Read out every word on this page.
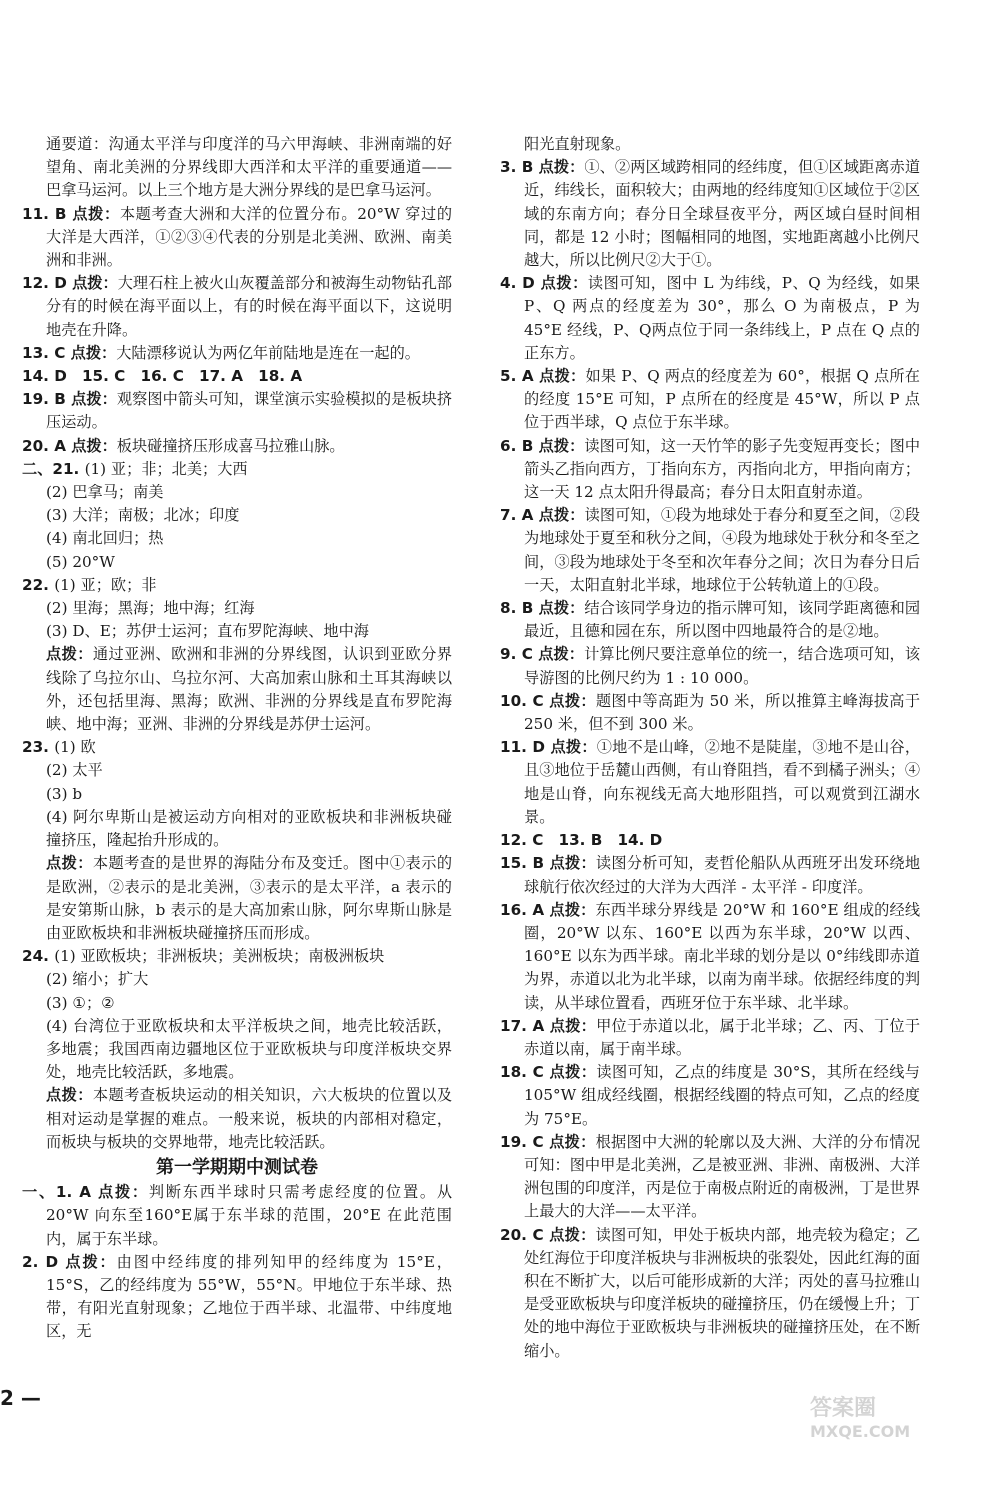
通要道：沟通太平洋与印度洋的马六甲海峡、非洲南端的好望角、南北美洲的分界线即大西洋和太平洋的重要通道——巴拿马运河。以上三个地方是大洲分界线的是巴拿马运河。

11. B 点拨：本题考查大洲和大洋的位置分布。20°W 穿过的大洋是大西洋，①②③④代表的分别是北美洲、欧洲、南美洲和非洲。

12. D 点拨：大理石柱上被火山灰覆盖部分和被海生动物钻孔部分有的时候在海平面以上，有的时候在海平面以下，这说明地壳在升降。

13. C 点拨：大陆漂移说认为两亿年前陆地是连在一起的。

14. D　15. C　16. C　17. A　18. A

19. B 点拨：观察图中箭头可知，课堂演示实验模拟的是板块挤压运动。

20. A 点拨：板块碰撞挤压形成喜马拉雅山脉。

二、21. (1) 亚；非；北美；大西

(2) 巴拿马；南美

(3) 大洋；南极；北冰；印度

(4) 南北回归；热

(5) 20°W

22. (1) 亚；欧；非

(2) 里海；黑海；地中海；红海

(3) D、E；苏伊士运河；直布罗陀海峡、地中海

点拨：通过亚洲、欧洲和非洲的分界线图，认识到亚欧分界线除了乌拉尔山、乌拉尔河、大高加索山脉和土耳其海峡以外，还包括里海、黑海；欧洲、非洲的分界线是直布罗陀海峡、地中海；亚洲、非洲的分界线是苏伊士运河。

23. (1) 欧

(2) 太平

(3) b

(4) 阿尔卑斯山是被运动方向相对的亚欧板块和非洲板块碰撞挤压，隆起抬升形成的。

点拨：本题考查的是世界的海陆分布及变迁。图中①表示的是欧洲，②表示的是北美洲，③表示的是太平洋，a 表示的是安第斯山脉，b 表示的是大高加索山脉，阿尔卑斯山脉是由亚欧板块和非洲板块碰撞挤压而形成。

24. (1) 亚欧板块；非洲板块；美洲板块；南极洲板块

(2) 缩小；扩大

(3) ①；②

(4) 台湾位于亚欧板块和太平洋板块之间，地壳比较活跃，多地震；我国西南边疆地区位于亚欧板块与印度洋板块交界处，地壳比较活跃，多地震。

点拨：本题考查板块运动的相关知识，六大板块的位置以及相对运动是掌握的难点。一般来说，板块的内部相对稳定，而板块与板块的交界地带，地壳比较活跃。

第一学期期中测试卷

一、1. A 点拨：判断东西半球时只需考虑经度的位置。从 20°W 向东至160°E属于东半球的范围，20°E 在此范围内，属于东半球。

2. D 点拨：由图中经纬度的排列知甲的经纬度为 15°E，15°S，乙的经纬度为 55°W，55°N。甲地位于东半球、热带，有阳光直射现象；乙地位于西半球、北温带、中纬度地区，无

阳光直射现象。

3. B 点拨：①、②两区域跨相同的经纬度，但①区域距离赤道近，纬线长，面积较大；由两地的经纬度知①区域位于②区域的东南方向；春分日全球昼夜平分，两区域白昼时间相同，都是 12 小时；图幅相同的地图，实地距离越小比例尺越大，所以比例尺②大于①。

4. D 点拨：读图可知，图中 L 为纬线，P、Q 为经线，如果 P、Q 两点的经度差为 30°，那么 O 为南极点，P 为 45°E 经线，P、Q两点位于同一条纬线上，P 点在 Q 点的正东方。

5. A 点拨：如果 P、Q 两点的经度差为 60°，根据 Q 点所在的经度 15°E 可知，P 点所在的经度是 45°W，所以 P 点位于西半球，Q 点位于东半球。

6. B 点拨：读图可知，这一天竹竿的影子先变短再变长；图中箭头乙指向西方，丁指向东方，丙指向北方，甲指向南方；这一天 12 点太阳升得最高；春分日太阳直射赤道。

7. A 点拨：读图可知，①段为地球处于春分和夏至之间，②段为地球处于夏至和秋分之间，④段为地球处于秋分和冬至之间，③段为地球处于冬至和次年春分之间；次日为春分日后一天，太阳直射北半球，地球位于公转轨道上的①段。

8. B 点拨：结合该同学身边的指示牌可知，该同学距离德和园最近，且德和园在东，所以图中四地最符合的是②地。

9. C 点拨：计算比例尺要注意单位的统一，结合选项可知，该导游图的比例尺约为 1 : 10 000。

10. C 点拨：题图中等高距为 50 米，所以推算主峰海拔高于 250 米，但不到 300 米。

11. D 点拨：①地不是山峰，②地不是陡崖，③地不是山谷，且③地位于岳麓山西侧，有山脊阻挡，看不到橘子洲头；④地是山脊，向东视线无高大地形阻挡，可以观赏到江湖水景。

12. C　13. B　14. D

15. B 点拨：读图分析可知，麦哲伦船队从西班牙出发环绕地球航行依次经过的大洋为大西洋 - 太平洋 - 印度洋。

16. A 点拨：东西半球分界线是 20°W 和 160°E 组成的经线圈，20°W 以东、160°E 以西为东半球，20°W 以西、160°E 以东为西半球。南北半球的划分是以 0°纬线即赤道为界，赤道以北为北半球，以南为南半球。依据经纬度的判读，从半球位置看，西班牙位于东半球、北半球。

17. A 点拨：甲位于赤道以北，属于北半球；乙、丙、丁位于赤道以南，属于南半球。

18. C 点拨：读图可知，乙点的纬度是 30°S，其所在经线与 105°W 组成经线圈，根据经线圈的特点可知，乙点的经度为 75°E。

19. C 点拨：根据图中大洲的轮廓以及大洲、大洋的分布情况可知：图中甲是北美洲，乙是被亚洲、非洲、南极洲、大洋洲包围的印度洋，丙是位于南极点附近的南极洲，丁是世界上最大的大洋——太平洋。

20. C 点拨：读图可知，甲处于板块内部，地壳较为稳定；乙处红海位于印度洋板块与非洲板块的张裂处，因此红海的面积在不断扩大，以后可能形成新的大洋；丙处的喜马拉雅山是受亚欧板块与印度洋板块的碰撞挤压，仍在缓慢上升；丁处的地中海位于亚欧板块与非洲板块的碰撞挤压处，在不断缩小。

2 —	答案圈
MXQE.COM
